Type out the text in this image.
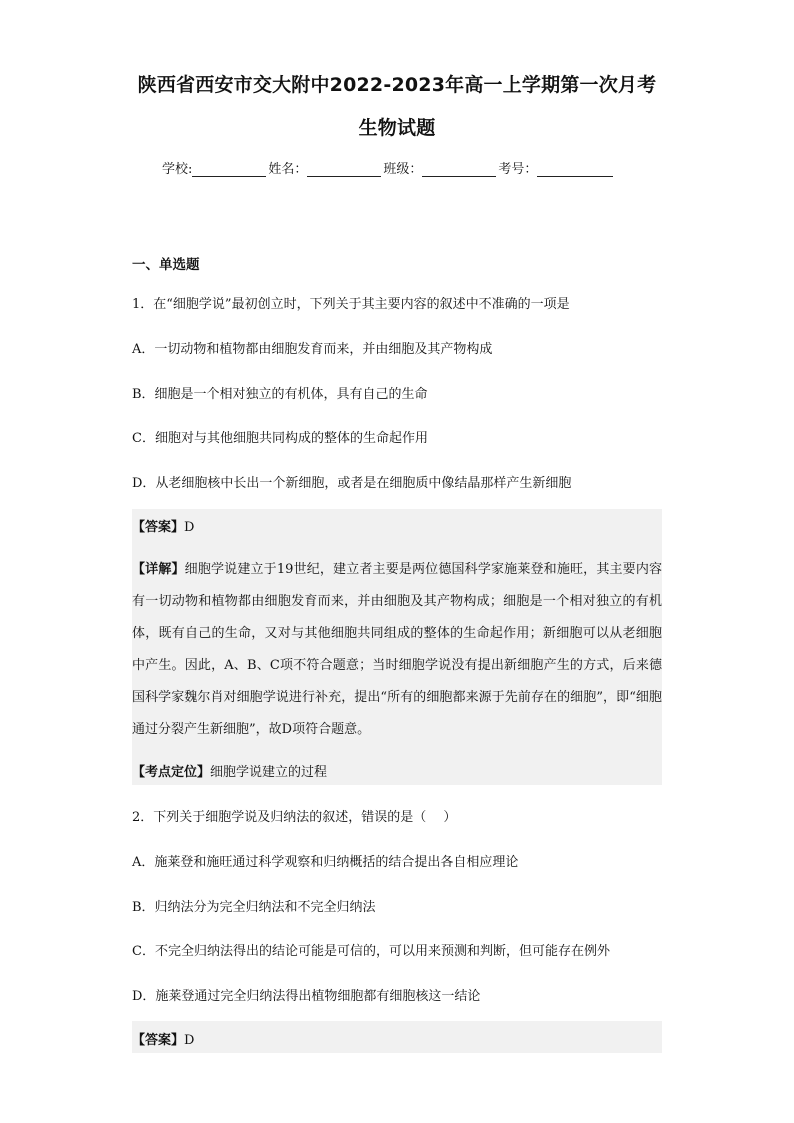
陕西省西安市交大附中2022-2023年高一上学期第一次月考
生物试题
学校:	姓名：	班级：	考号：
一、单选题
1．在“细胞学说”最初创立时，下列关于其主要内容的叙述中不准确的一项是
A．一切动物和植物都由细胞发育而来，并由细胞及其产物构成
B．细胞是一个相对独立的有机体，具有自己的生命
C．细胞对与其他细胞共同构成的整体的生命起作用
D．从老细胞核中长出一个新细胞，或者是在细胞质中像结晶那样产生新细胞
【答案】D
【详解】细胞学说建立于19世纪，建立者主要是两位德国科学家施莱登和施旺，其主要内容有一切动物和植物都由细胞发育而来，并由细胞及其产物构成；细胞是一个相对独立的有机体，既有自己的生命，又对与其他细胞共同组成的整体的生命起作用；新细胞可以从老细胞中产生。因此，A、B、C项不符合题意；当时细胞学说没有提出新细胞产生的方式，后来德国科学家魏尔肖对细胞学说进行补充，提出“所有的细胞都来源于先前存在的细胞”，即“细胞通过分裂产生新细胞”，故D项符合题意。
【考点定位】细胞学说建立的过程
2．下列关于细胞学说及归纳法的叙述，错误的是（　 ）
A．施莱登和施旺通过科学观察和归纳概括的结合提出各自相应理论
B．归纳法分为完全归纳法和不完全归纳法
C．不完全归纳法得出的结论可能是可信的，可以用来预测和判断，但可能存在例外
D．施莱登通过完全归纳法得出植物细胞都有细胞核这一结论
【答案】D
